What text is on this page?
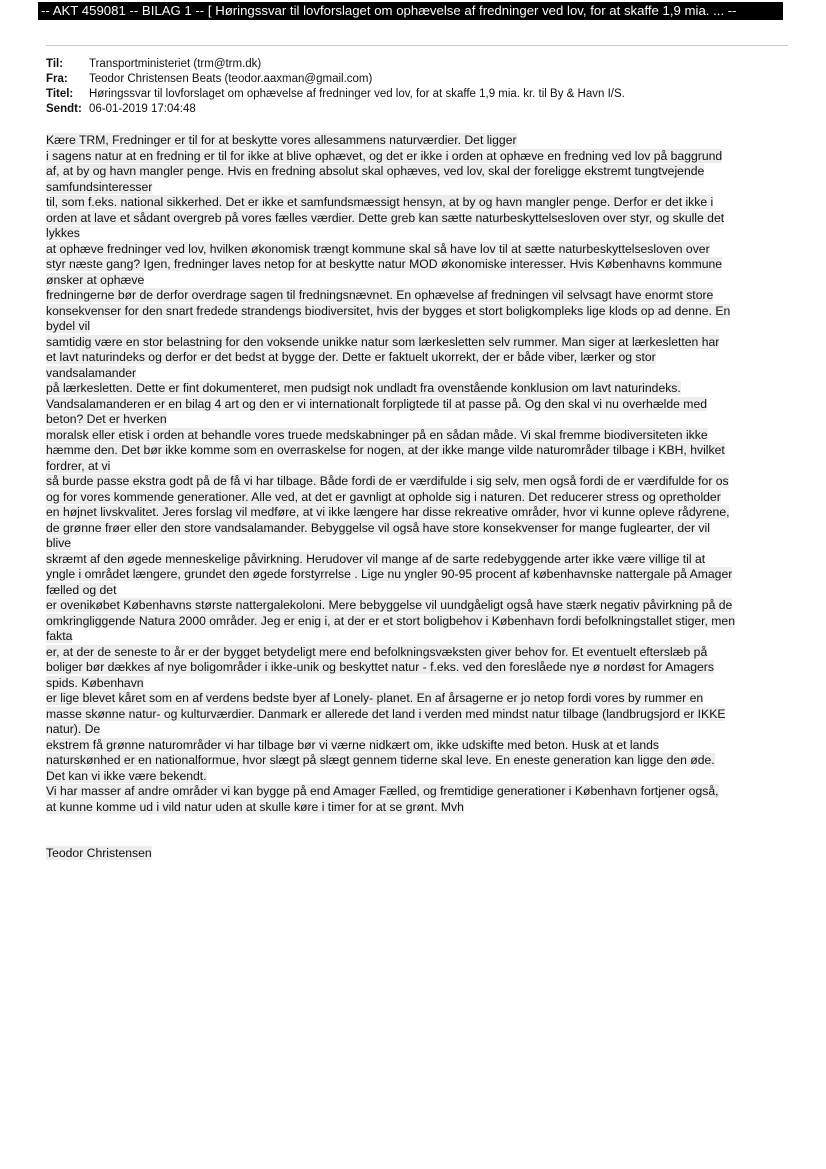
-- AKT 459081 -- BILAG 1 -- [ Høringssvar til lovforslaget om ophævelse af fredninger ved lov, for at skaffe 1,9 mia. ... --
Til:	Transportministeriet (trm@trm.dk)
Fra:	Teodor Christensen Beats (teodor.aaxman@gmail.com)
Titel:	Høringssvar til lovforslaget om ophævelse af fredninger ved lov, for at skaffe 1,9 mia. kr. til By & Havn I/S.
Sendt: 06-01-2019 17:04:48
Kære TRM, Fredninger er til for at beskytte vores allesammens naturværdier. Det ligger
i sagens natur at en fredning er til for ikke at blive ophævet, og det er ikke i orden at ophæve en fredning ved lov på baggrund
af, at by og havn mangler penge. Hvis en fredning absolut skal ophæves, ved lov, skal der foreligge ekstremt tungtvejende
samfundsinteresser
til, som f.eks. national sikkerhed. Det er ikke et samfundsmæssigt hensyn, at by og havn mangler penge. Derfor er det ikke i
orden at lave et sådant overgreb på vores fælles værdier. Dette greb kan sætte naturbeskyttelsesloven over styr, og skulle det
lykkes
at ophæve fredninger ved lov, hvilken økonomisk trængt kommune skal så have lov til at sætte naturbeskyttelsesloven over
styr næste gang? Igen, fredninger laves netop for at beskytte natur MOD økonomiske interesser. Hvis Københavns kommune
ønsker at ophæve
fredningerne bør de derfor overdrage sagen til fredningsnævnet. En ophævelse af fredningen vil selvsagt have enormt store
konsekvenser for den snart fredede strandengs biodiversitet, hvis der bygges et stort boligkompleks lige klods op ad denne. En
bydel vil
samtidig være en stor belastning for den voksende unikke natur som lærkesletten selv rummer. Man siger at lærkesletten har
et lavt naturindeks og derfor er det bedst at bygge der. Dette er faktuelt ukorrekt, der er både viber, lærker og stor
vandsalamander
på lærkesletten. Dette er fint dokumenteret, men pudsigt nok undladt fra ovenstående konklusion om lavt naturindeks.
Vandsalamanderen er en bilag 4 art og den er vi internationalt forpligtede til at passe på. Og den skal vi nu overhælde med
beton? Det er hverken
moralsk eller etisk i orden at behandle vores truede medskabninger på en sådan måde. Vi skal fremme biodiversiteten ikke
hæmme den. Det bør ikke komme som en overraskelse for nogen, at der ikke mange vilde naturområder tilbage i KBH, hvilket
fordrer, at vi
så burde passe ekstra godt på de få vi har tilbage. Både fordi de er værdifulde i sig selv, men også fordi de er værdifulde for os
og for vores kommende generationer. Alle ved, at det er gavnligt at opholde sig i naturen. Det reducerer stress og opretholder
en højnet livskvalitet. Jeres forslag vil medføre, at vi ikke længere har disse rekreative områder, hvor vi kunne opleve rådyrene,
de grønne frøer eller den store vandsalamander. Bebyggelse vil også have store konsekvenser for mange fuglearter, der vil
blive
skræmt af den øgede menneskelige påvirkning. Herudover vil mange af de sarte redebyggende arter ikke være villige til at
yngle i området længere, grundet den øgede forstyrrelse . Lige nu yngler 90-95 procent af københavnske nattergale på Amager
fælled og det
er ovenikøbet Københavns største nattergalekoloni. Mere bebyggelse vil uundgåeligt også have stærk negativ påvirkning på de
omkringliggende Natura 2000 områder. Jeg er enig i, at der er et stort boligbehov i København fordi befolkningstallet stiger, men
fakta
er, at der de seneste to år er der bygget betydeligt mere end befolkningsvæksten giver behov for. Et eventuelt efterslæb på
boliger bør dækkes af nye boligområder i ikke-unik og beskyttet natur - f.eks. ved den foreslåede nye ø nordøst for Amagers
spids. København
er lige blevet kåret som en af verdens bedste byer af Lonely- planet. En af årsagerne er jo netop fordi vores by rummer en
masse skønne natur- og kulturværdier. Danmark er allerede det land i verden med mindst natur tilbage (landbrugsjord er IKKE
natur). De
ekstrem få grønne naturområder vi har tilbage bør vi værne nidkært om, ikke udskifte med beton. Husk at et lands
naturskønhed er en nationalformue, hvor slægt på slægt gennem tiderne skal leve. En eneste generation kan ligge den øde.
Det kan vi ikke være bekendt.
Vi har masser af andre områder vi kan bygge på end Amager Fælled, og fremtidige generationer i København fortjener også,
at kunne komme ud i vild natur uden at skulle køre i timer for at se grønt. Mvh
Teodor Christensen
